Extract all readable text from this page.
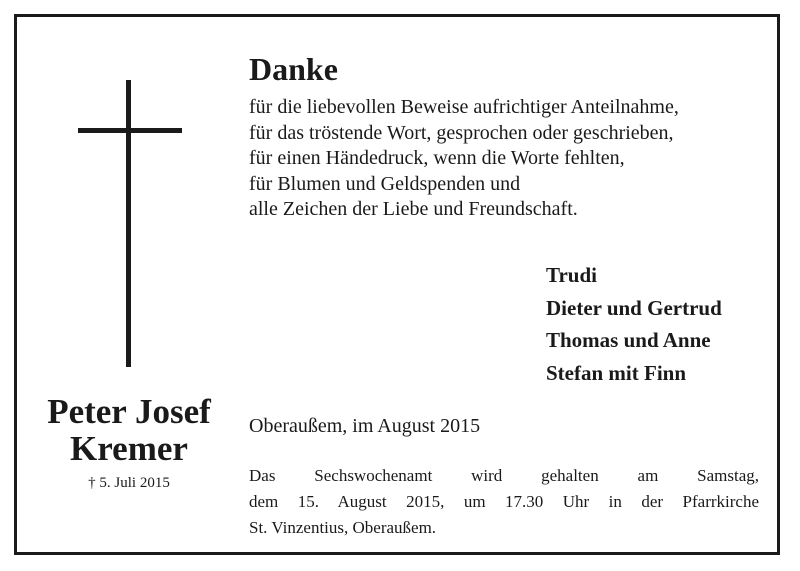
Peter Josef
Kremer
† 5. Juli 2015
Danke
für die liebevollen Beweise aufrichtiger Anteilnahme,
für das tröstende Wort, gesprochen oder geschrieben,
für einen Händedruck, wenn die Worte fehlten,
für Blumen und Geldspenden und
alle Zeichen der Liebe und Freundschaft.
Trudi
Dieter und Gertrud
Thomas und Anne
Stefan mit Finn
Oberaußem, im August 2015
Das Sechswochenamt wird gehalten am Samstag,
dem 15. August 2015, um 17.30 Uhr in der Pfarrkirche
St. Vinzentius, Oberaußem.
